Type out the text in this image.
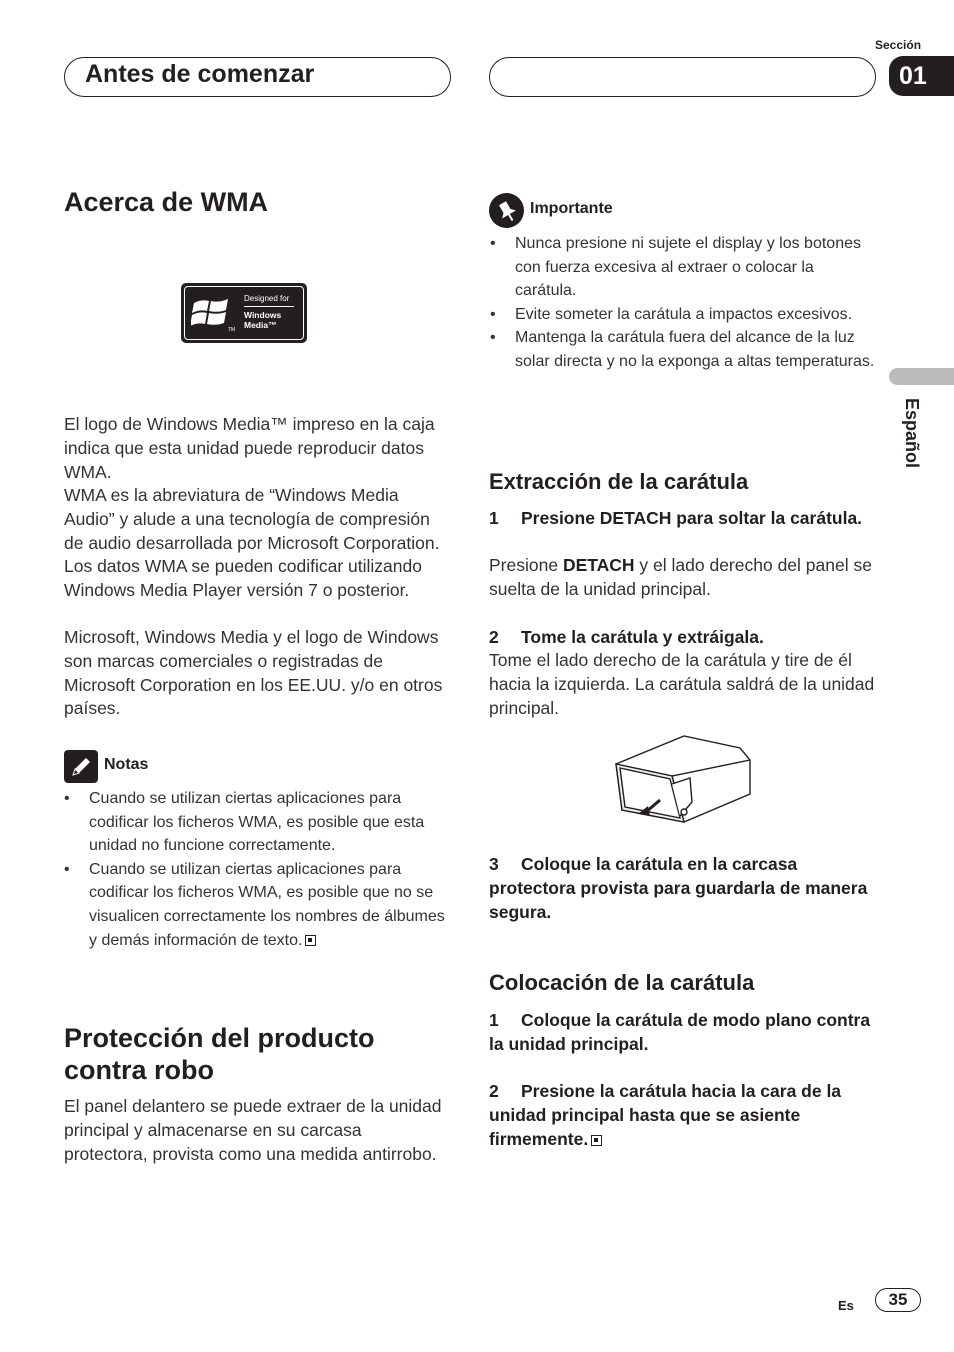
Antes de comenzar
Sección
01
Español
Acerca de WMA
TM
Designed for
Windows
Media™
El logo de Windows Media™ impreso en la caja indica que esta unidad puede reproducir datos WMA.
WMA es la abreviatura de “Windows Media Audio” y alude a una tecnología de compresión de audio desarrollada por Microsoft Corporation. Los datos WMA se pueden codificar utilizando Windows Media Player versión 7 o posterior.
Microsoft, Windows Media y el logo de Windows son marcas comerciales o registradas de Microsoft Corporation en los EE.UU. y/o en otros países.
Notas
• Cuando se utilizan ciertas aplicaciones para codificar los ficheros WMA, es posible que esta unidad no funcione correctamente.
• Cuando se utilizan ciertas aplicaciones para codificar los ficheros WMA, es posible que no se visualicen correctamente los nombres de álbumes y demás información de texto.
Protección del producto contra robo
El panel delantero se puede extraer de la unidad principal y almacenarse en su carcasa protectora, provista como una medida antirrobo.
Importante
• Nunca presione ni sujete el display y los botones con fuerza excesiva al extraer o colocar la carátula.
• Evite someter la carátula a impactos excesivos.
• Mantenga la carátula fuera del alcance de la luz solar directa y no la exponga a altas temperaturas.
Extracción de la carátula
1 Presione DETACH para soltar la carátula.
Presione DETACH y el lado derecho del panel se suelta de la unidad principal.
2 Tome la carátula y extráigala.
Tome el lado derecho de la carátula y tire de él hacia la izquierda. La carátula saldrá de la unidad principal.
3 Coloque la carátula en la carcasa protectora provista para guardarla de manera segura.
Colocación de la carátula
1 Coloque la carátula de modo plano contra la unidad principal.
2 Presione la carátula hacia la cara de la unidad principal hasta que se asiente firmemente.
Es	35
